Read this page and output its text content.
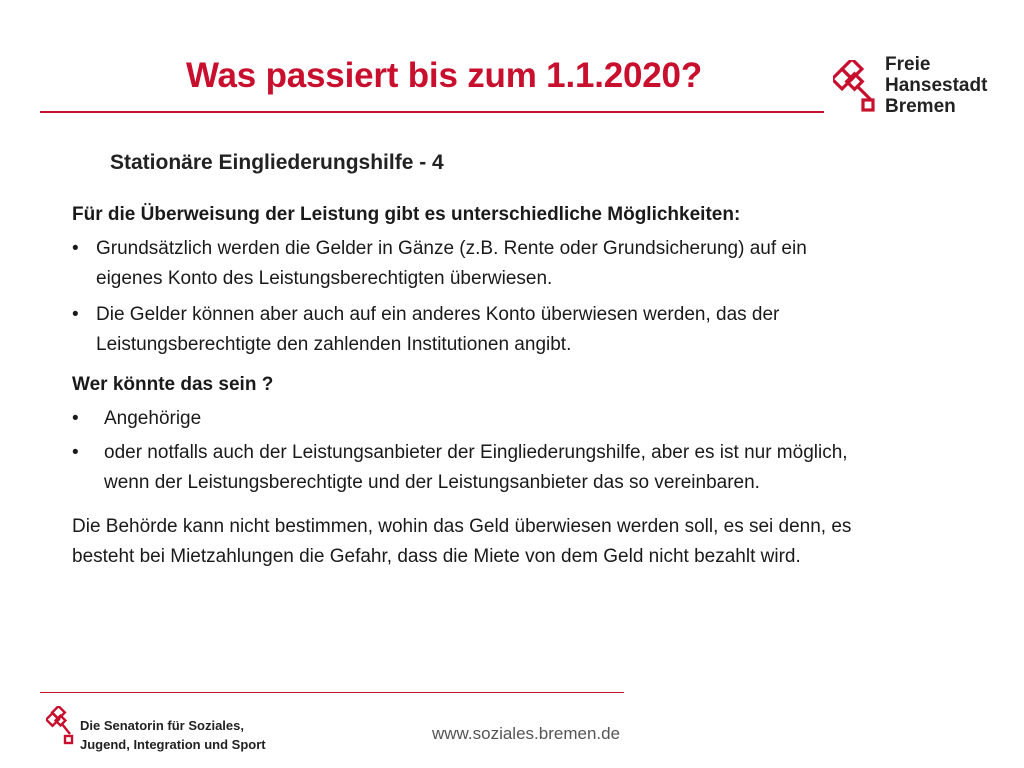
Was passiert bis zum 1.1.2020?	Freie
Hansestadt
Bremen
Stationäre Eingliederungshilfe - 4
Für die Überweisung der Leistung gibt es unterschiedliche Möglichkeiten:
• Grundsätzlich werden die Gelder in Gänze (z.B. Rente oder Grundsicherung) auf ein eigenes Konto des Leistungsberechtigten überwiesen.
• Die Gelder können aber auch auf ein anderes Konto überwiesen werden, das der Leistungsberechtigte den zahlenden Institutionen angibt.
Wer könnte das sein ?
• Angehörige
• oder notfalls auch der Leistungsanbieter der Eingliederungshilfe, aber es ist nur möglich, wenn der Leistungsberechtigte und der Leistungsanbieter das so vereinbaren.
Die Behörde kann nicht bestimmen, wohin das Geld überwiesen werden soll, es sei denn, es besteht bei Mietzahlungen die Gefahr, dass die Miete von dem Geld nicht bezahlt wird.
Die Senatorin für Soziales,
Jugend, Integration und Sport
www.soziales.bremen.de
